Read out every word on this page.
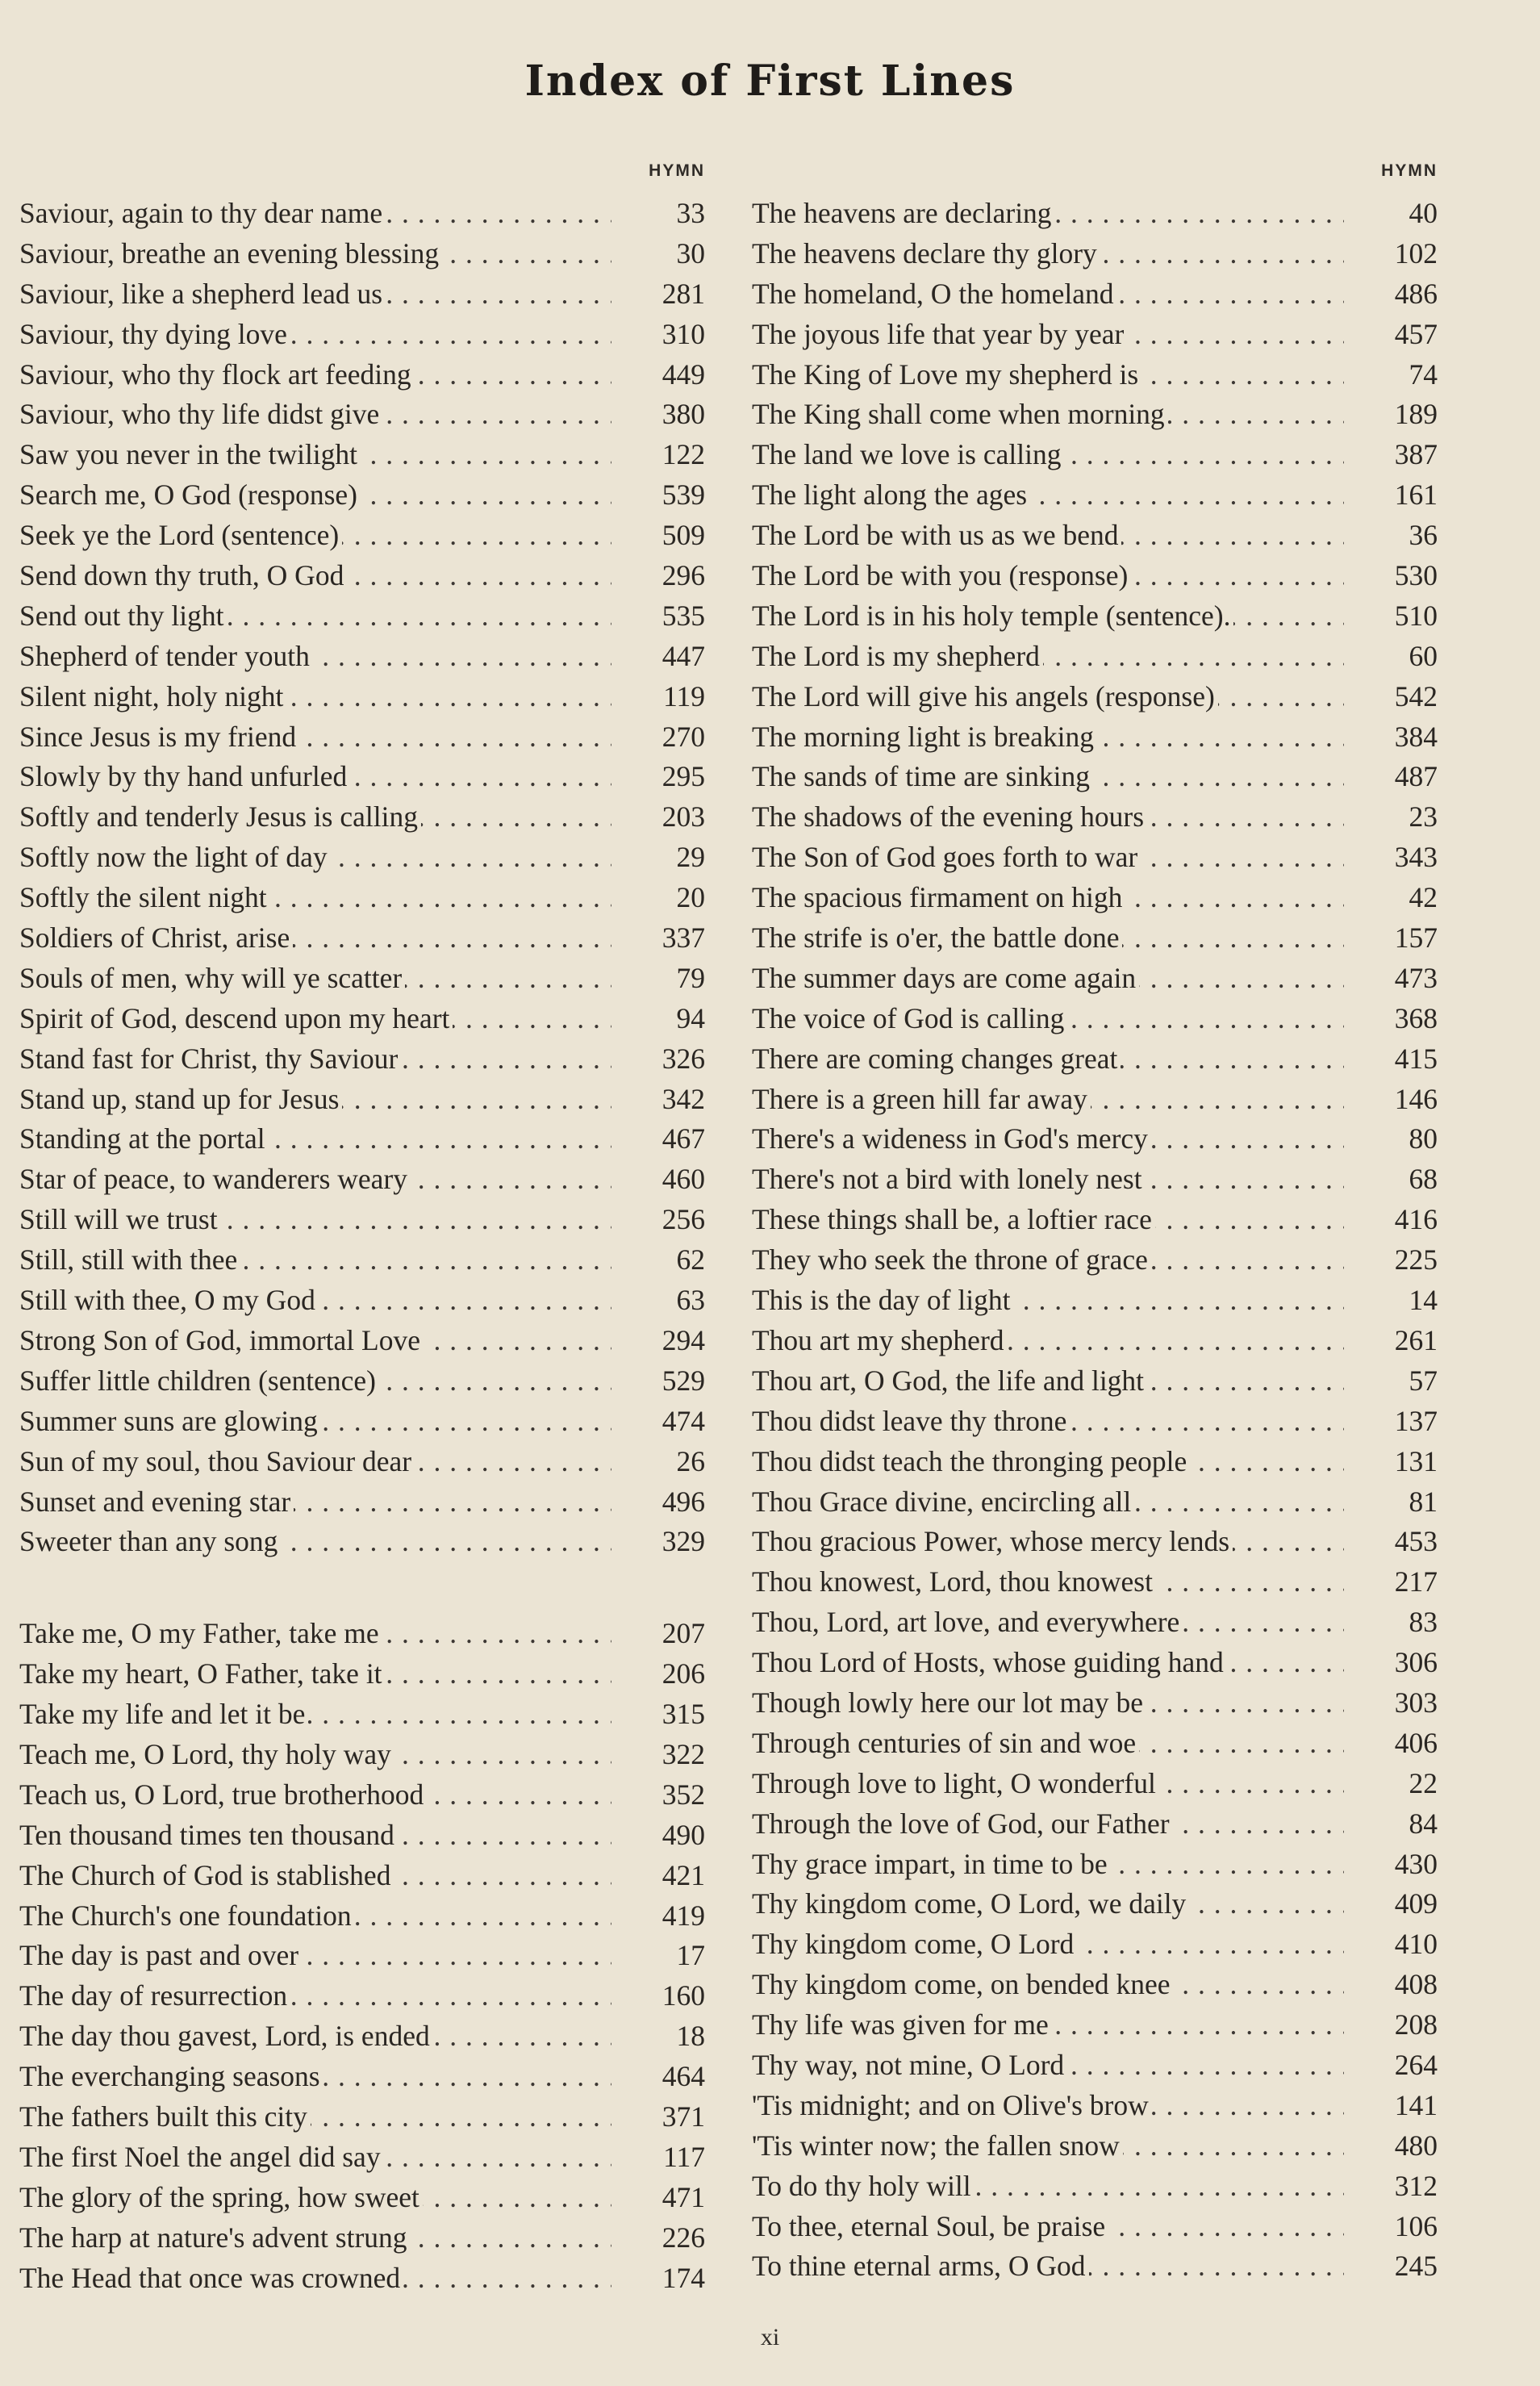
Index of First Lines
HYMN
Saviour, again to thy dear name . . .	33
Saviour, breathe an evening blessing . . .	30
Saviour, like a shepherd lead us . . .	281
Saviour, thy dying love . . .	310
Saviour, who thy flock art feeding . . .	449
Saviour, who thy life didst give . . .	380
Saw you never in the twilight . . .	122
Search me, O God (response) . . .	539
Seek ye the Lord (sentence) . . .	509
Send down thy truth, O God . . .	296
Send out thy light . . .	535
Shepherd of tender youth . . .	447
Silent night, holy night . . .	119
Since Jesus is my friend . . .	270
Slowly by thy hand unfurled . . .	295
Softly and tenderly Jesus is calling . . .	203
Softly now the light of day . . .	29
Softly the silent night . . .	20
Soldiers of Christ, arise . . .	337
Souls of men, why will ye scatter . . .	79
Spirit of God, descend upon my heart . . .	94
Stand fast for Christ, thy Saviour . . .	326
Stand up, stand up for Jesus . . .	342
Standing at the portal . . .	467
Star of peace, to wanderers weary . . .	460
Still will we trust . . .	256
Still, still with thee . . .	62
Still with thee, O my God . . .	63
Strong Son of God, immortal Love . . .	294
Suffer little children (sentence) . . .	529
Summer suns are glowing . . .	474
Sun of my soul, thou Saviour dear . . .	26
Sunset and evening star . . .	496
Sweeter than any song . . .	329
Take me, O my Father, take me . . .	207
Take my heart, O Father, take it . . .	206
Take my life and let it be . . .	315
Teach me, O Lord, thy holy way . . .	322
Teach us, O Lord, true brotherhood . . .	352
Ten thousand times ten thousand . . .	490
The Church of God is stablished . . .	421
The Church's one foundation . . .	419
The day is past and over . . .	17
The day of resurrection . . .	160
The day thou gavest, Lord, is ended . . .	18
The everchanging seasons . . .	464
The fathers built this city . . .	371
The first Noel the angel did say . . .	117
The glory of the spring, how sweet . . .	471
The harp at nature's advent strung . . .	226
The Head that once was crowned . . .	174
HYMN
The heavens are declaring . . .	40
The heavens declare thy glory . . .	102
The homeland, O the homeland . . .	486
The joyous life that year by year . . .	457
The King of Love my shepherd is . . .	74
The King shall come when morning . . .	189
The land we love is calling . . .	387
The light along the ages . . .	161
The Lord be with us as we bend . . .	36
The Lord be with you (response) . . .	530
The Lord is in his holy temple (sentence). . . .	510
The Lord is my shepherd . . .	60
The Lord will give his angels (response) . . .	542
The morning light is breaking . . .	384
The sands of time are sinking . . .	487
The shadows of the evening hours . . .	23
The Son of God goes forth to war . . .	343
The spacious firmament on high . . .	42
The strife is o'er, the battle done . . .	157
The summer days are come again . . .	473
The voice of God is calling . . .	368
There are coming changes great . . .	415
There is a green hill far away . . .	146
There's a wideness in God's mercy . . .	80
There's not a bird with lonely nest . . .	68
These things shall be, a loftier race . . .	416
They who seek the throne of grace . . .	225
This is the day of light . . .	14
Thou art my shepherd . . .	261
Thou art, O God, the life and light . . .	57
Thou didst leave thy throne . . .	137
Thou didst teach the thronging people . . .	131
Thou Grace divine, encircling all . . .	81
Thou gracious Power, whose mercy lends . . .	453
Thou knowest, Lord, thou knowest . . .	217
Thou, Lord, art love, and everywhere . . .	83
Thou Lord of Hosts, whose guiding hand . . .	306
Though lowly here our lot may be . . .	303
Through centuries of sin and woe . . .	406
Through love to light, O wonderful . . .	22
Through the love of God, our Father . . .	84
Thy grace impart, in time to be . . .	430
Thy kingdom come, O Lord, we daily . . .	409
Thy kingdom come, O Lord . . .	410
Thy kingdom come, on bended knee . . .	408
Thy life was given for me . . .	208
Thy way, not mine, O Lord . . .	264
'Tis midnight; and on Olive's brow . . .	141
'Tis winter now; the fallen snow . . .	480
To do thy holy will . . .	312
To thee, eternal Soul, be praise . . .	106
To thine eternal arms, O God . . .	245
xi
